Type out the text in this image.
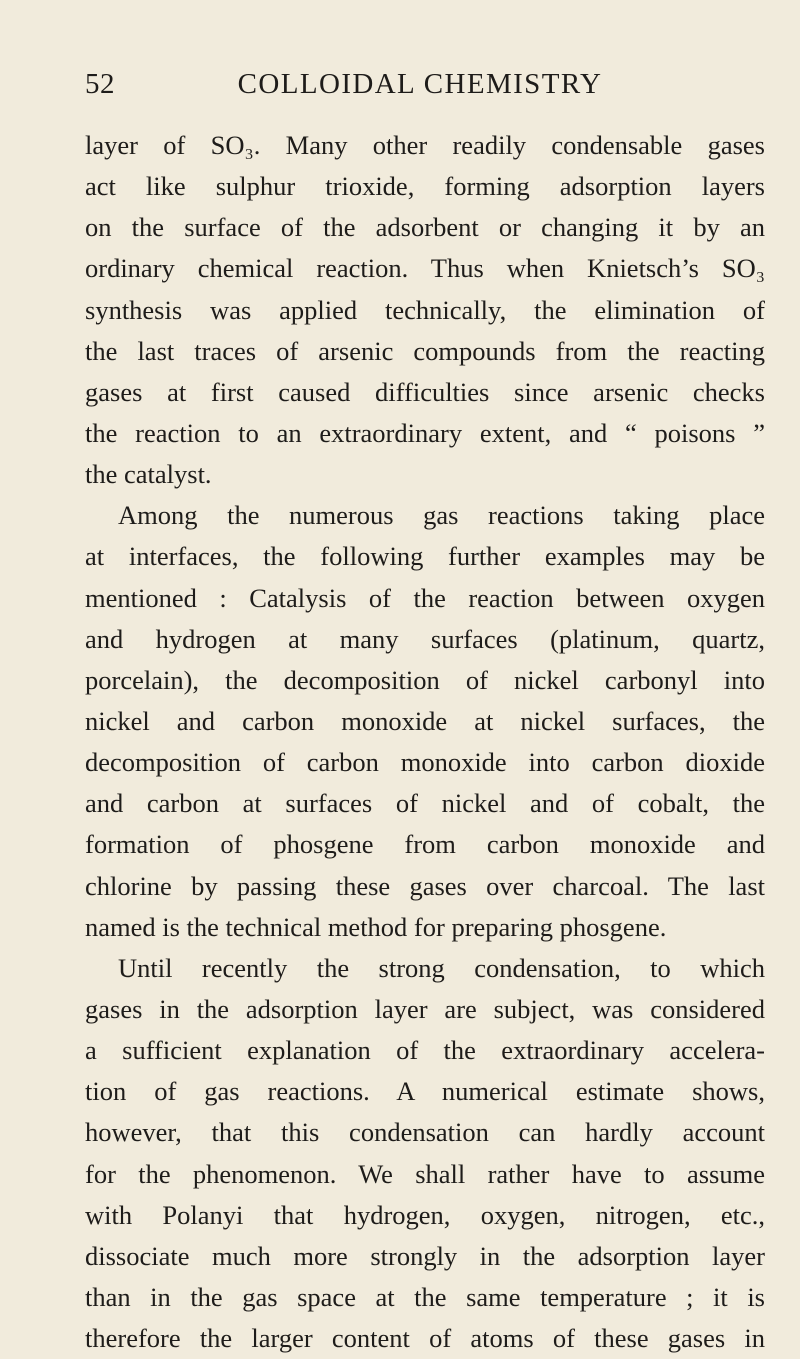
52	COLLOIDAL CHEMISTRY
layer of SO₃. Many other readily condensable gases
act like sulphur trioxide, forming adsorption layers
on the surface of the adsorbent or changing it by an
ordinary chemical reaction. Thus when Knietsch’s SO₃
synthesis was applied technically, the elimination of
the last traces of arsenic compounds from the reacting
gases at first caused difficulties since arsenic checks
the reaction to an extraordinary extent, and “ poisons ”
the catalyst.
Among the numerous gas reactions taking place
at interfaces, the following further examples may be
mentioned : Catalysis of the reaction between oxygen
and hydrogen at many surfaces (platinum, quartz,
porcelain), the decomposition of nickel carbonyl into
nickel and carbon monoxide at nickel surfaces, the
decomposition of carbon monoxide into carbon dioxide
and carbon at surfaces of nickel and of cobalt, the
formation of phosgene from carbon monoxide and
chlorine by passing these gases over charcoal. The last
named is the technical method for preparing phosgene.
Until recently the strong condensation, to which
gases in the adsorption layer are subject, was considered
a sufficient explanation of the extraordinary accelera-
tion of gas reactions. A numerical estimate shows,
however, that this condensation can hardly account
for the phenomenon. We shall rather have to assume
with Polanyi that hydrogen, oxygen, nitrogen, etc.,
dissociate much more strongly in the adsorption layer
than in the gas space at the same temperature ; it is
therefore the larger content of atoms of these gases in
